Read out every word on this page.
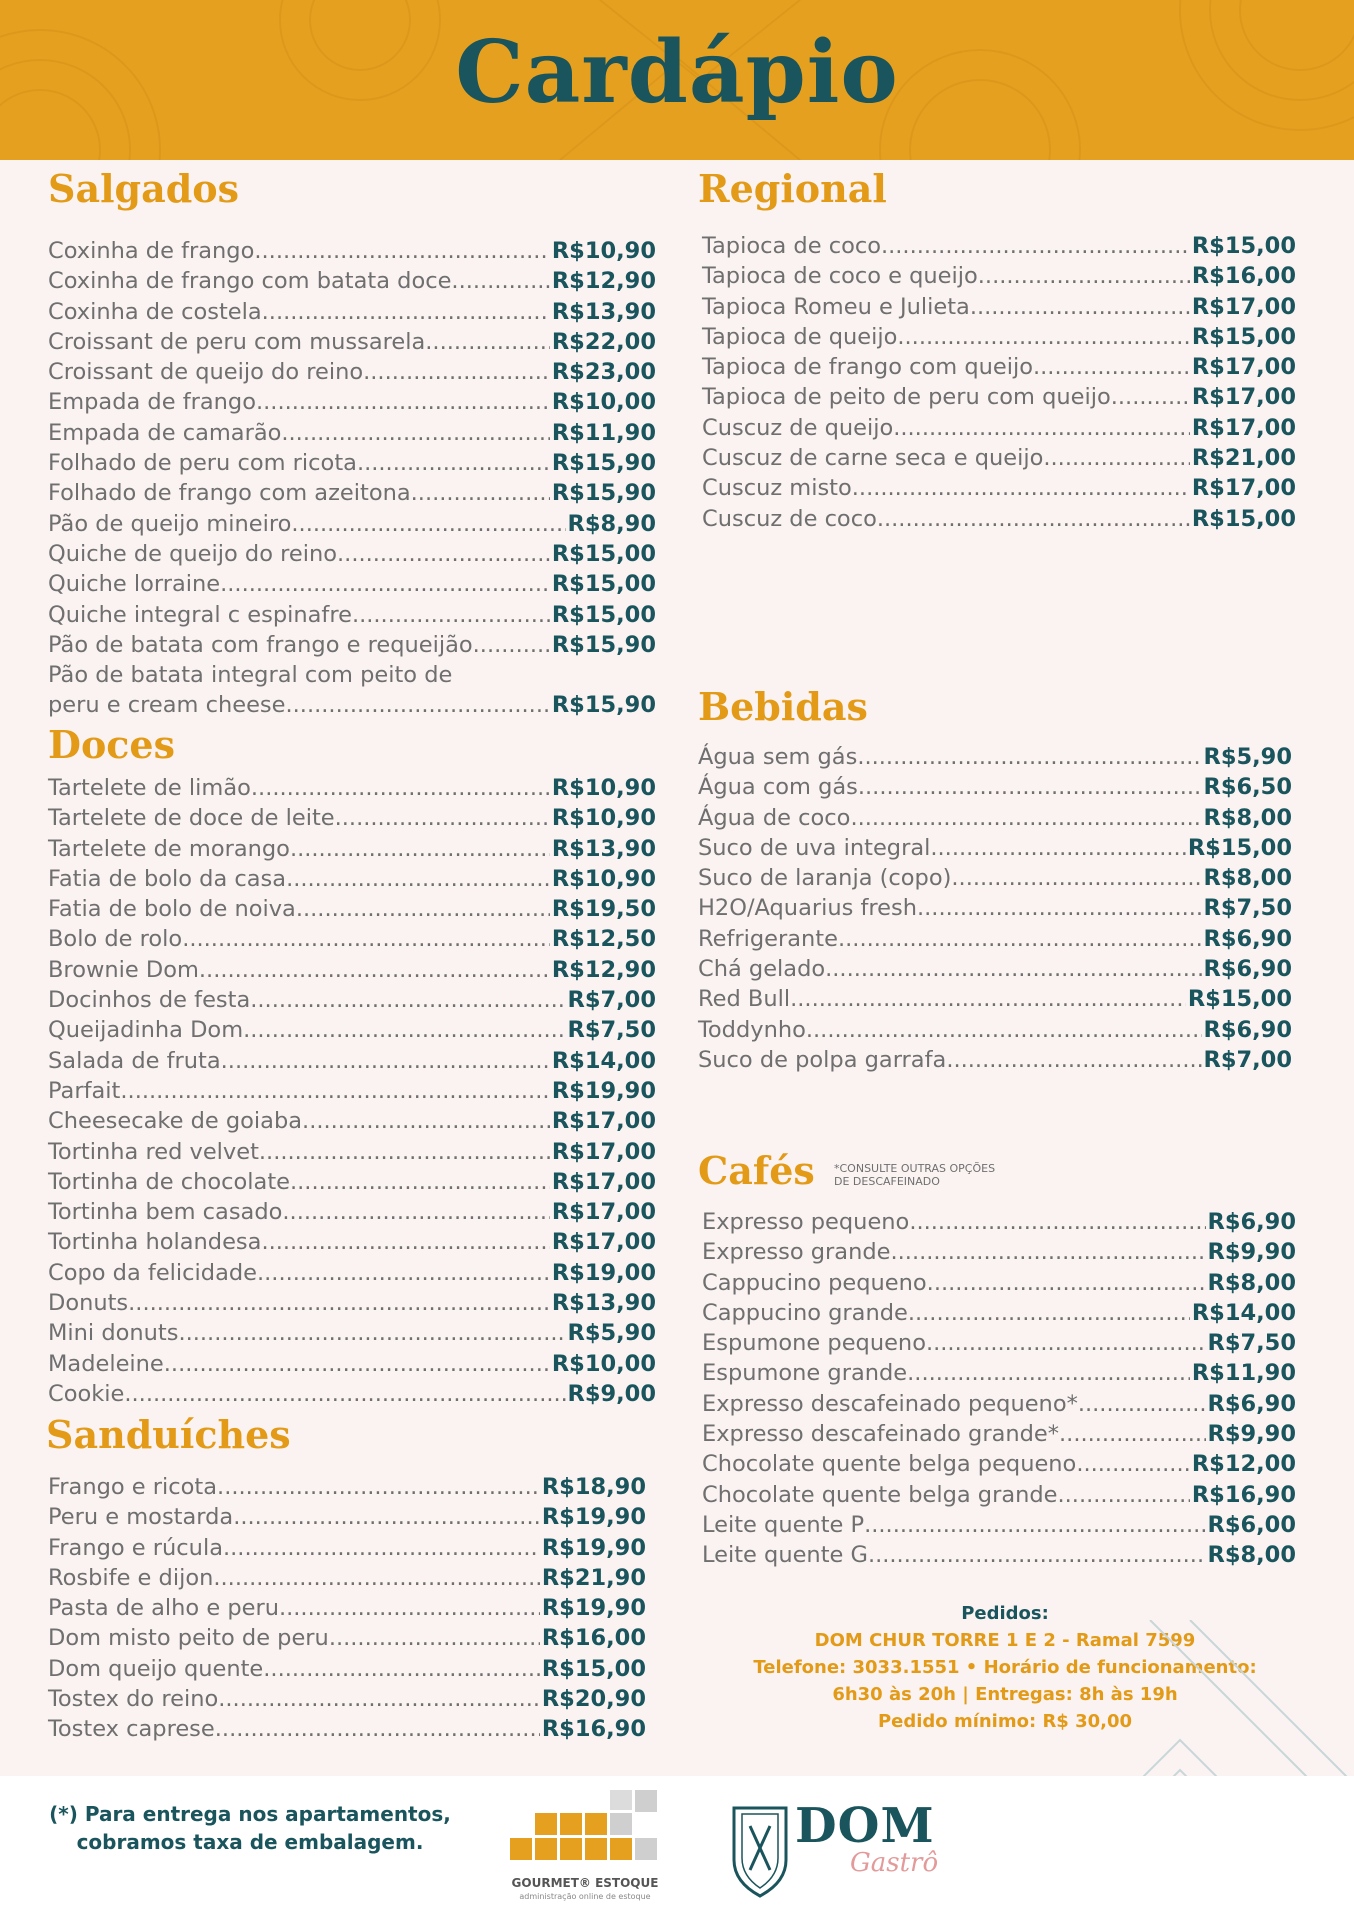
Cardápio
Salgados
Coxinha de frango .....	R$10,90
Coxinha de frango com batata doce .....	R$12,90
Coxinha de costela .....	R$13,90
Croissant de peru com mussarela .....	R$22,00
Croissant de queijo do reino .....	R$23,00
Empada de frango .....	R$10,00
Empada de camarão .....	R$11,90
Folhado de peru com ricota .....	R$15,90
Folhado de frango com azeitona .....	R$15,90
Pão de queijo mineiro .....	R$8,90
Quiche de queijo do reino .....	R$15,00
Quiche lorraine .....	R$15,00
Quiche integral c espinafre .....	R$15,00
Pão de batata com frango e requeijão .....	R$15,90
Pão de batata integral com peito de
peru e cream cheese .....	R$15,90
Doces
Tartelete de limão .....	R$10,90
Tartelete de doce de leite .....	R$10,90
Tartelete de morango .....	R$13,90
Fatia de bolo da casa .....	R$10,90
Fatia de bolo de noiva .....	R$19,50
Bolo de rolo .....	R$12,50
Brownie Dom .....	R$12,90
Docinhos de festa .....	R$7,00
Queijadinha Dom .....	R$7,50
Salada de fruta .....	R$14,00
Parfait .....	R$19,90
Cheesecake de goiaba .....	R$17,00
Tortinha red velvet .....	R$17,00
Tortinha de chocolate .....	R$17,00
Tortinha bem casado .....	R$17,00
Tortinha holandesa .....	R$17,00
Copo da felicidade .....	R$19,00
Donuts .....	R$13,90
Mini donuts .....	R$5,90
Madeleine .....	R$10,00
Cookie .....	R$9,00
Sanduíches
Frango e ricota .....	R$18,90
Peru e mostarda .....	R$19,90
Frango e rúcula .....	R$19,90
Rosbife e dijon .....	R$21,90
Pasta de alho e peru .....	R$19,90
Dom misto peito de peru .....	R$16,00
Dom queijo quente .....	R$15,00
Tostex do reino .....	R$20,90
Tostex caprese .....	R$16,90
Regional
Tapioca de coco .....	R$15,00
Tapioca de coco e queijo .....	R$16,00
Tapioca Romeu e Julieta .....	R$17,00
Tapioca de queijo .....	R$15,00
Tapioca de frango com queijo .....	R$17,00
Tapioca de peito de peru com queijo .....	R$17,00
Cuscuz de queijo .....	R$17,00
Cuscuz de carne seca e queijo .....	R$21,00
Cuscuz misto .....	R$17,00
Cuscuz de coco .....	R$15,00
Bebidas
Água sem gás .....	R$5,90
Água com gás .....	R$6,50
Água de coco .....	R$8,00
Suco de uva integral .....	R$15,00
Suco de laranja (copo) .....	R$8,00
H2O/Aquarius fresh .....	R$7,50
Refrigerante .....	R$6,90
Chá gelado .....	R$6,90
Red Bull .....	R$15,00
Toddynho .....	R$6,90
Suco de polpa garrafa .....	R$7,00
Cafés *CONSULTE OUTRAS OPÇÕES
DE DESCAFEINADO
Expresso pequeno .....	R$6,90
Expresso grande .....	R$9,90
Cappucino pequeno .....	R$8,00
Cappucino grande .....	R$14,00
Espumone pequeno .....	R$7,50
Espumone grande .....	R$11,90
Expresso descafeinado pequeno* .....	R$6,90
Expresso descafeinado grande* .....	R$9,90
Chocolate quente belga pequeno .....	R$12,00
Chocolate quente belga grande .....	R$16,90
Leite quente P .....	R$6,00
Leite quente G .....	R$8,00
Pedidos:
DOM CHUR TORRE 1 E 2 - Ramal 7599
Telefone: 3033.1551 • Horário de funcionamento:
6h30 às 20h | Entregas: 8h às 19h
Pedido mínimo: R$ 30,00
(*) Para entrega nos apartamentos,
cobramos taxa de embalagem.
GOURMET® ESTOQUE
administração online de estoque
DOM
Gastrô
